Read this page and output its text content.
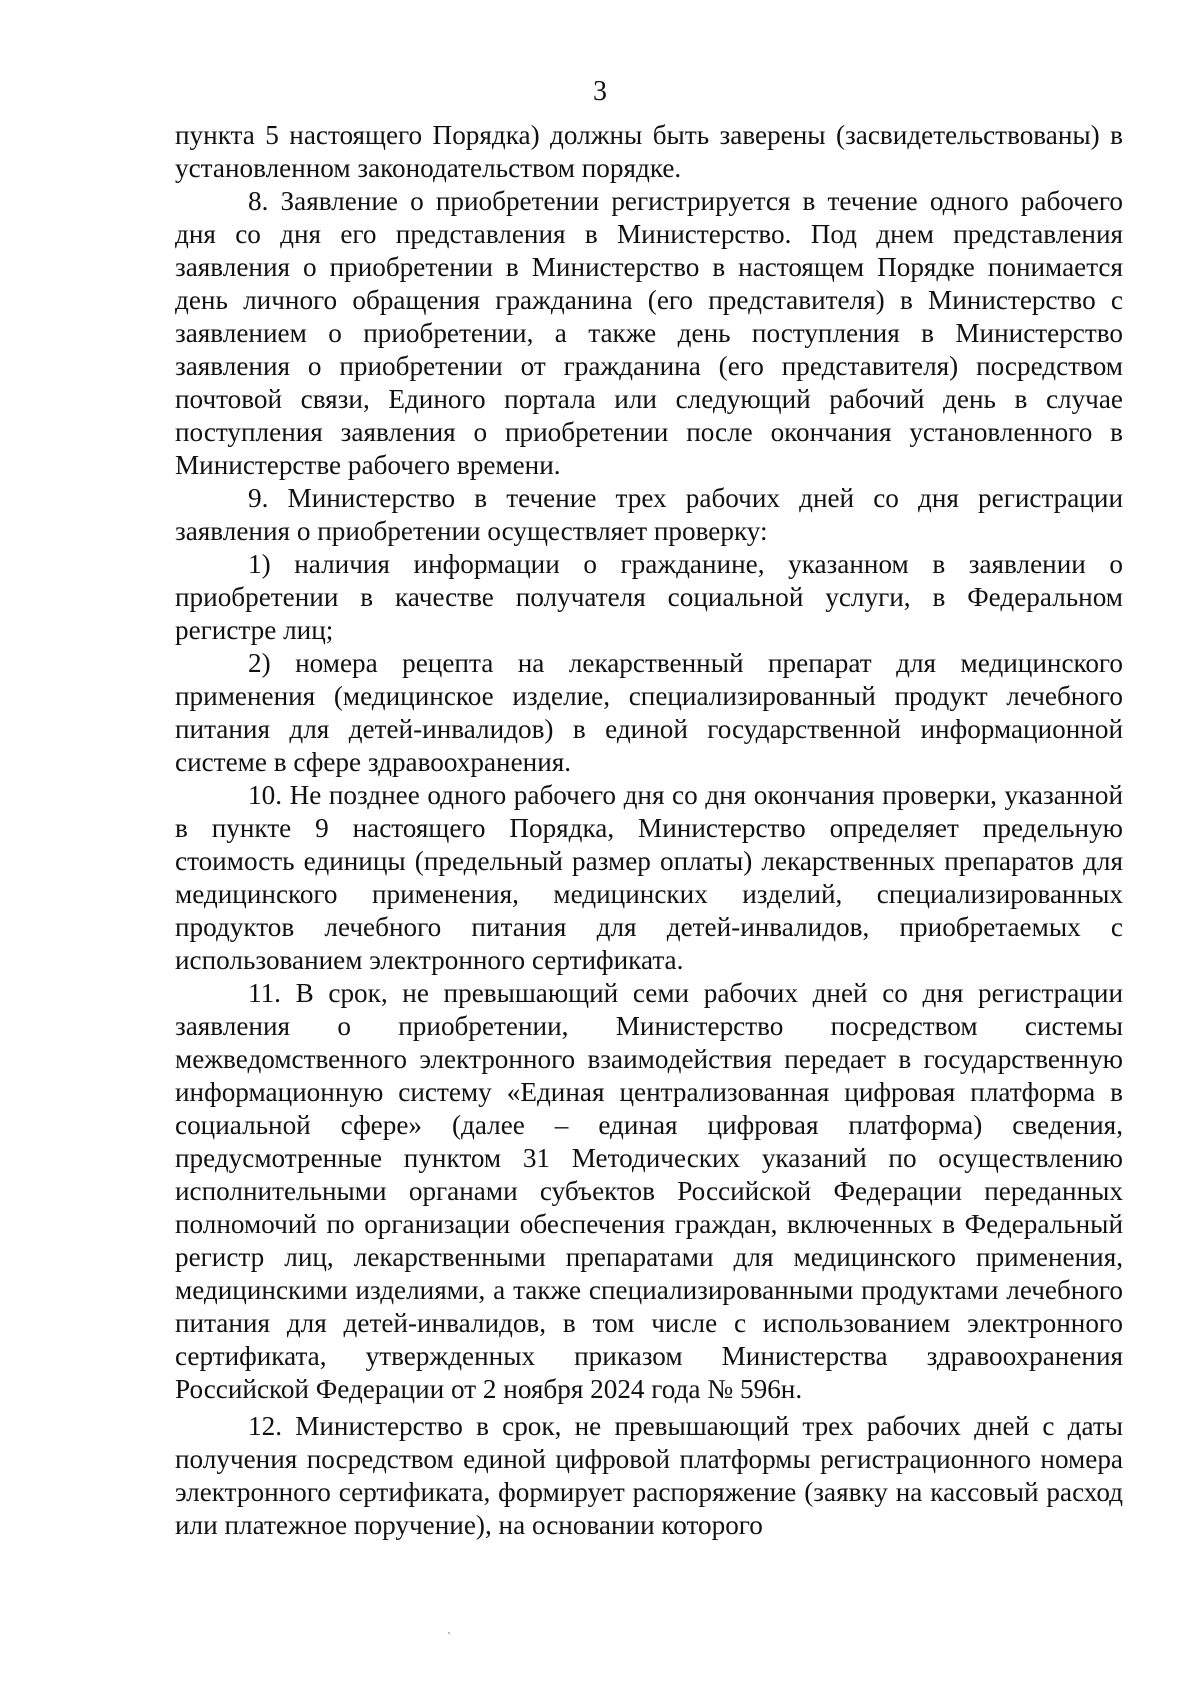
3

пункта 5 настоящего Порядка) должны быть заверены (засвидетельствованы) в установленном законодательством порядке.

8. Заявление о приобретении регистрируется в течение одного рабочего дня со дня его представления в Министерство. Под днем представления заявления о приобретении в Министерство в настоящем Порядке понимается день личного обращения гражданина (его представителя) в Министерство с заявлением о приобретении, а также день поступления в Министерство заявления о приобретении от гражданина (его представителя) посредством почтовой связи, Единого портала или следующий рабочий день в случае поступления заявления о приобретении после окончания установленного в Министерстве рабочего времени.

9. Министерство в течение трех рабочих дней со дня регистрации заявления о приобретении осуществляет проверку:

1) наличия информации о гражданине, указанном в заявлении о приобретении в качестве получателя социальной услуги, в Федеральном регистре лиц;

2) номера рецепта на лекарственный препарат для медицинского применения (медицинское изделие, специализированный продукт лечебного питания для детей-инвалидов) в единой государственной информационной системе в сфере здравоохранения.

10. Не позднее одного рабочего дня со дня окончания проверки, указанной в пункте 9 настоящего Порядка, Министерство определяет предельную стоимость единицы (предельный размер оплаты) лекарственных препаратов для медицинского применения, медицинских изделий, специализированных продуктов лечебного питания для детей-инвалидов, приобретаемых с использованием электронного сертификата.

11. В срок, не превышающий семи рабочих дней со дня регистрации заявления о приобретении, Министерство посредством системы межведомственного электронного взаимодействия передает в государственную информационную систему «Единая централизованная цифровая платформа в социальной сфере» (далее – единая цифровая платформа) сведения, предусмотренные пунктом 31 Методических указаний по осуществлению исполнительными органами субъектов Российской Федерации переданных полномочий по организации обеспечения граждан, включенных в Федеральный регистр лиц, лекарственными препаратами для медицинского применения, медицинскими изделиями, а также специализированными продуктами лечебного питания для детей-инвалидов, в том числе с использованием электронного сертификата, утвержденных приказом Министерства здравоохранения Российской Федерации от 2 ноября 2024 года № 596н.

12. Министерство в срок, не превышающий трех рабочих дней с даты получения посредством единой цифровой платформы регистрационного номера электронного сертификата, формирует распоряжение (заявку на кассовый расход или платежное поручение), на основании которого
